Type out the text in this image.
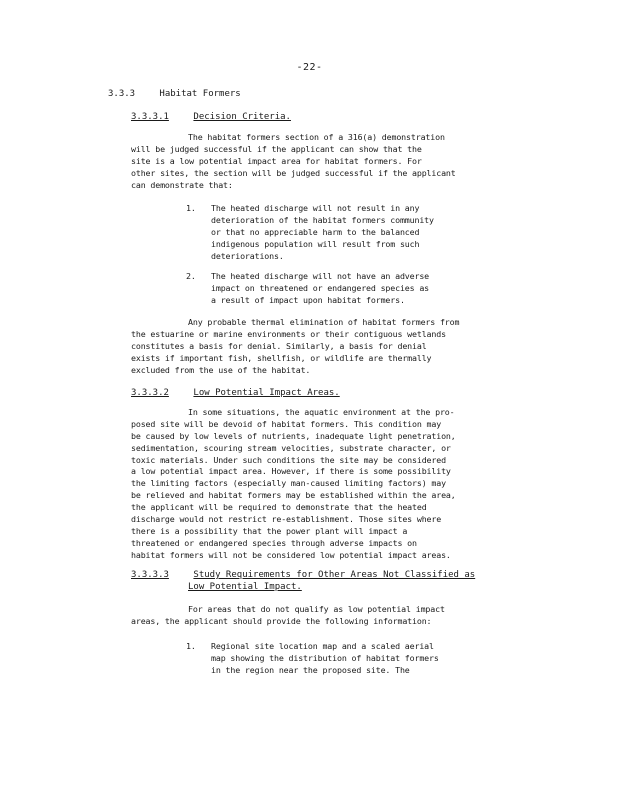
-22-
3.3.3	Habitat Formers
3.3.3.1	Decision Criteria.
The habitat formers section of a 316(a) demonstration
will be judged successful if the applicant can show that the
site is a low potential impact area for habitat formers. For
other sites, the section will be judged successful if the applicant
can demonstrate that:
1. The heated discharge will not result in any
deterioration of the habitat formers community
or that no appreciable harm to the balanced
indigenous population will result from such
deteriorations.
2. The heated discharge will not have an adverse
impact on threatened or endangered species as
a result of impact upon habitat formers.
Any probable thermal elimination of habitat formers from
the estuarine or marine environments or their contiguous wetlands
constitutes a basis for denial. Similarly, a basis for denial
exists if important fish, shellfish, or wildlife are thermally
excluded from the use of the habitat.
3.3.3.2	Low Potential Impact Areas.
In some situations, the aquatic environment at the pro-
posed site will be devoid of habitat formers. This condition may
be caused by low levels of nutrients, inadequate light penetration,
sedimentation, scouring stream velocities, substrate character, or
toxic materials. Under such conditions the site may be considered
a low potential impact area. However, if there is some possibility
the limiting factors (especially man-caused limiting factors) may
be relieved and habitat formers may be established within the area,
the applicant will be required to demonstrate that the heated
discharge would not restrict re-establishment. Those sites where
there is a possibility that the power plant will impact a
threatened or endangered species through adverse impacts on
habitat formers will not be considered low potential impact areas.
3.3.3.3	Study Requirements for Other Areas Not Classified as
Low Potential Impact.
For areas that do not qualify as low potential impact
areas, the applicant should provide the following information:
1. Regional site location map and a scaled aerial
map showing the distribution of habitat formers
in the region near the proposed site. The
